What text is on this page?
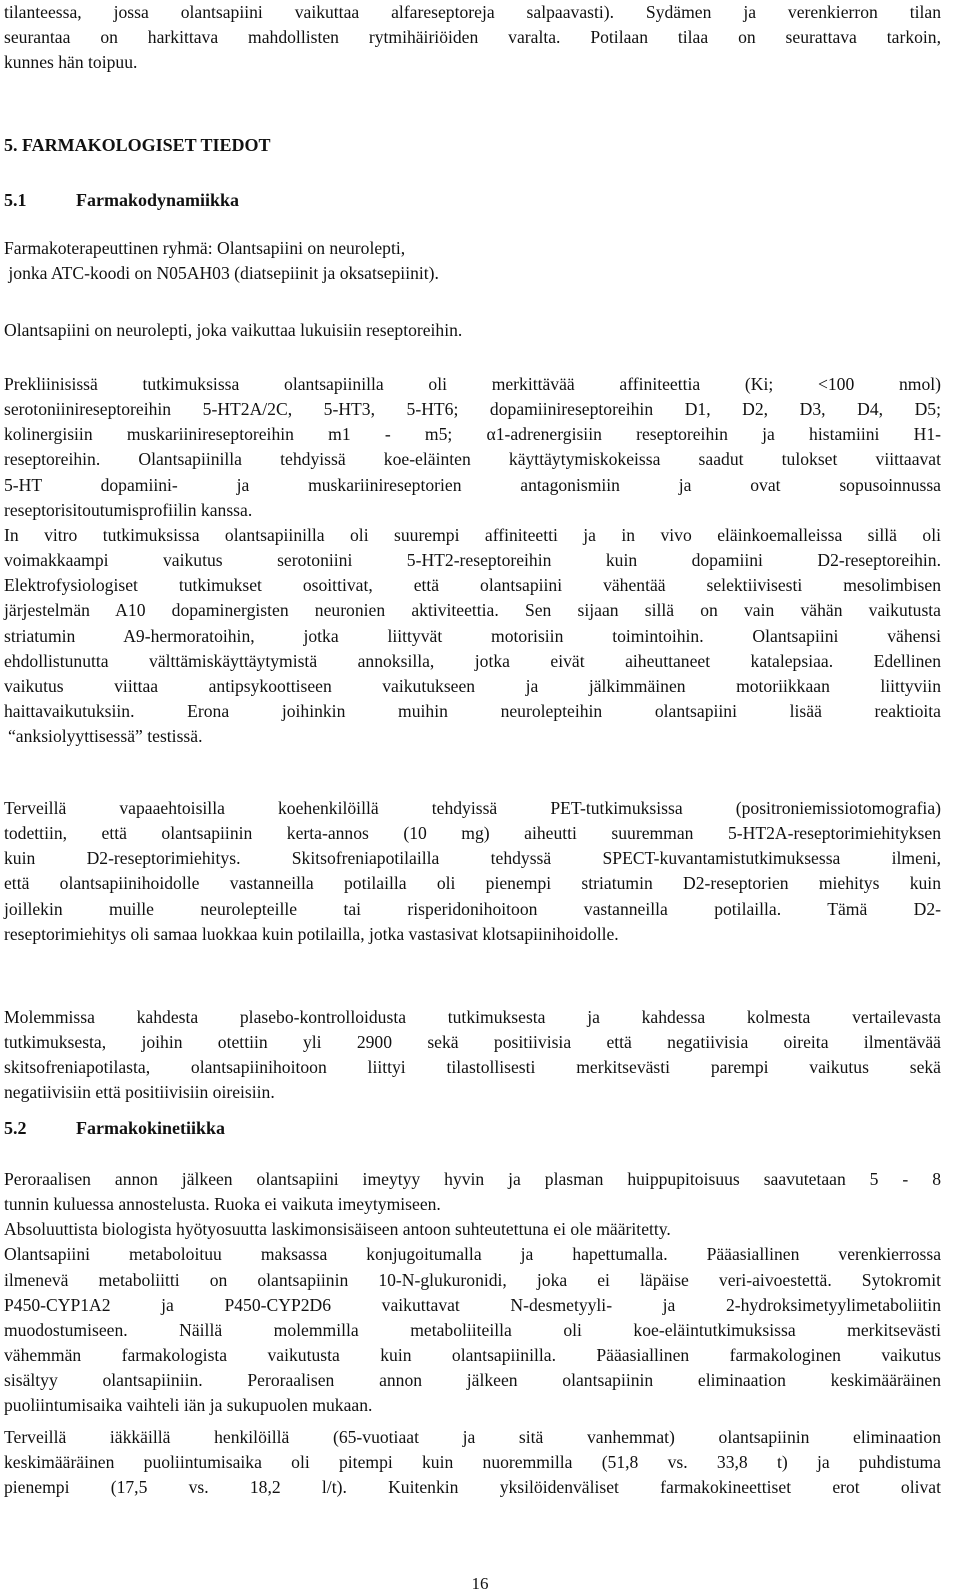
tilanteessa, jossa olantsapiini vaikuttaa alfareseptoreja salpaavasti). Sydämen ja verenkierron tilan
seurantaa on harkittava mahdollisten rytmihäiriöiden varalta. Potilaan tilaa on seurattava tarkoin,
kunnes hän toipuu.
5. FARMAKOLOGISET TIEDOT
5.1	Farmakodynamiikka
Farmakoterapeuttinen ryhmä: Olantsapiini on neurolepti,
jonka ATC-koodi on N05AH03 (diatsepiinit ja oksatsepiinit).
Olantsapiini on neurolepti, joka vaikuttaa lukuisiin reseptoreihin.
Prekliinisissä tutkimuksissa olantsapiinilla oli merkittävää affiniteettia (Ki; <100 nmol)
serotoniinireseptoreihin 5-HT2A/2C, 5-HT3, 5-HT6; dopamiinireseptoreihin D1, D2, D3, D4, D5;
kolinergisiin muskariinireseptoreihin m1 - m5; α1-adrenergisiin reseptoreihin ja histamiini H1-
reseptoreihin. Olantsapiinilla tehdyissä koe-eläinten käyttäytymiskokeissa saadut tulokset viittaavat
5-HT dopamiini- ja muskariinireseptorien antagonismiin ja ovat sopusoinnussa
reseptorisitoutumisprofiilin kanssa.
In vitro tutkimuksissa olantsapiinilla oli suurempi affiniteetti ja in vivo eläinkoemalleissa sillä oli
voimakkaampi vaikutus serotoniini 5-HT2-reseptoreihin kuin dopamiini D2-reseptoreihin.
Elektrofysiologiset tutkimukset osoittivat, että olantsapiini vähentää selektiivisesti mesolimbisen
järjestelmän A10 dopaminergisten neuronien aktiviteettia. Sen sijaan sillä on vain vähän vaikutusta
striatumin A9-hermoratoihin, jotka liittyvät motorisiin toimintoihin. Olantsapiini vähensi
ehdollistunutta välttämiskäyttäytymistä annoksilla, jotka eivät aiheuttaneet katalepsiaa. Edellinen
vaikutus viittaa antipsykoottiseen vaikutukseen ja jälkimmäinen motoriikkaan liittyviin
haittavaikutuksiin. Erona joihinkin muihin neurolepteihin olantsapiini lisää reaktioita
“anksiolyyttisessä” testissä.
Terveillä vapaaehtoisilla koehenkilöillä tehdyissä PET-tutkimuksissa (positroniemissiotomografia)
todettiin, että olantsapiinin kerta-annos (10 mg) aiheutti suuremman 5-HT2A-reseptorimiehityksen
kuin D2-reseptorimiehitys. Skitsofreniapotilailla tehdyssä SPECT-kuvantamistutkimuksessa ilmeni,
että olantsapiinihoidolle vastanneilla potilailla oli pienempi striatumin D2-reseptorien miehitys kuin
joillekin muille neurolepteille tai risperidonihoitoon vastanneilla potilailla. Tämä D2-
reseptorimiehitys oli samaa luokkaa kuin potilailla, jotka vastasivat klotsapiinihoidolle.
Molemmissa kahdesta plasebo-kontrolloidusta tutkimuksesta ja kahdessa kolmesta vertailevasta
tutkimuksesta, joihin otettiin yli 2900 sekä positiivisia että negatiivisia oireita ilmentävää
skitsofreniapotilasta, olantsapiinihoitoon liittyi tilastollisesti merkitsevästi parempi vaikutus sekä
negatiivisiin että positiivisiin oireisiin.
5.2	Farmakokinetiikka
Peroraalisen annon jälkeen olantsapiini imeytyy hyvin ja plasman huippupitoisuus saavutetaan 5 - 8
tunnin kuluessa annostelusta. Ruoka ei vaikuta imeytymiseen.
Absoluuttista biologista hyötyosuutta laskimonsisäiseen antoon suhteutettuna ei ole määritetty.
Olantsapiini metaboloituu maksassa konjugoitumalla ja hapettumalla. Pääasiallinen verenkierrossa
ilmenevä metaboliitti on olantsapiinin 10-N-glukuronidi, joka ei läpäise veri-aivoestettä. Sytokromit
P450-CYP1A2 ja P450-CYP2D6 vaikuttavat N-desmetyyli- ja 2-hydroksimetyylimetaboliitin
muodostumiseen. Näillä molemmilla metaboliiteilla oli koe-eläintutkimuksissa merkitsevästi
vähemmän farmakologista vaikutusta kuin olantsapiinilla. Pääasiallinen farmakologinen vaikutus
sisältyy olantsapiiniin. Peroraalisen annon jälkeen olantsapiinin eliminaation keskimääräinen
puoliintumisaika vaihteli iän ja sukupuolen mukaan.
Terveillä iäkkäillä henkilöillä (65-vuotiaat ja sitä vanhemmat) olantsapiinin eliminaation
keskimääräinen puoliintumisaika oli pitempi kuin nuoremmilla (51,8 vs. 33,8 t) ja puhdistuma
pienempi (17,5 vs. 18,2 l/t). Kuitenkin yksilöidenväliset farmakokineettiset erot olivat
16
